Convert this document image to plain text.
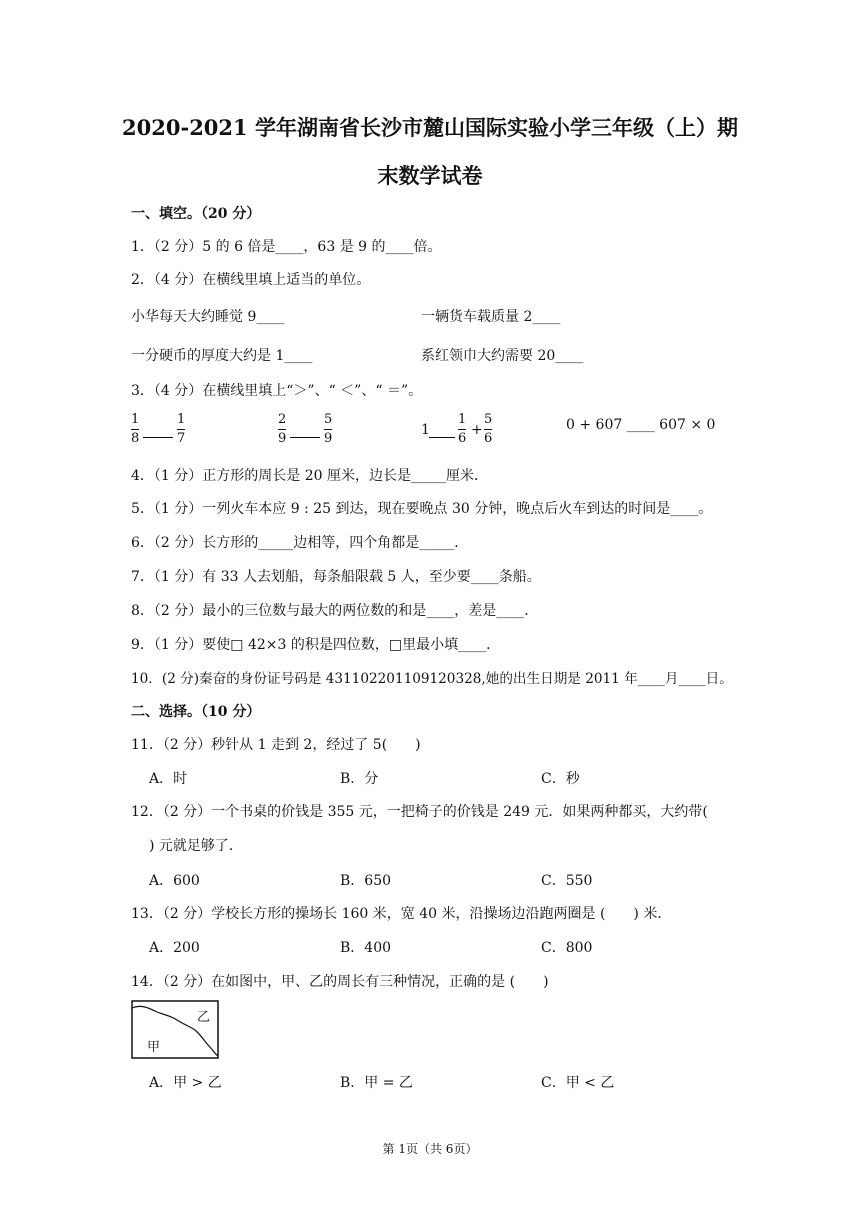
2020-2021 学年湖南省长沙市麓山国际实验小学三年级（上）期
末数学试卷
一、填空。（20 分）
1．（2 分）5 的 6 倍是____，63 是 9 的____倍。
2．（4 分）在横线里填上适当的单位。
小华每天大约睡觉 9____	一辆货车载质量 2____
一分硬币的厚度大约是 1____	系红领巾大约需要 20____
3．（4 分）在横线里填上“＞”、“ ＜”、“ ＝”。
1
8
1
7
2
9
5
9
1
1
6
+
5
6
0 + 607 ____ 607 × 0
4．（1 分）正方形的周长是 20 厘米，边长是_____厘米．
5．（1 分）一列火车本应 9 : 25 到达，现在要晚点 30 分钟，晚点后火车到达的时间是____。
6．（2 分）长方形的_____边相等，四个角都是_____．
7．（1 分）有 33 人去划船，每条船限载 5 人，至少要____条船。
8．（2 分）最小的三位数与最大的两位数的和是____，差是____．
9．（1 分）要使□ 42×3 的积是四位数，□里最小填____．
10．(2 分)秦奋的身份证号码是 431102201109120328,她的出生日期是 2011 年____月____日。
二、选择。（10 分）
11．（2 分）秒针从 1 走到 2，经过了 5(　　)
A．时	B．分	C．秒
12．（2 分）一个书桌的价钱是 355 元，一把椅子的价钱是 249 元．如果两种都买，大约带(
) 元就足够了．
A．600	B．650	C．550
13．（2 分）学校长方形的操场长 160 米，宽 40 米，沿操场边沿跑两圈是 (　　) 米．
A．200	B．400	C．800
14．（2 分）在如图中，甲、乙的周长有三种情况，正确的是 (　　)
甲
乙
A．甲 > 乙	B．甲 = 乙	C．甲 < 乙
第 1页（共 6页）
